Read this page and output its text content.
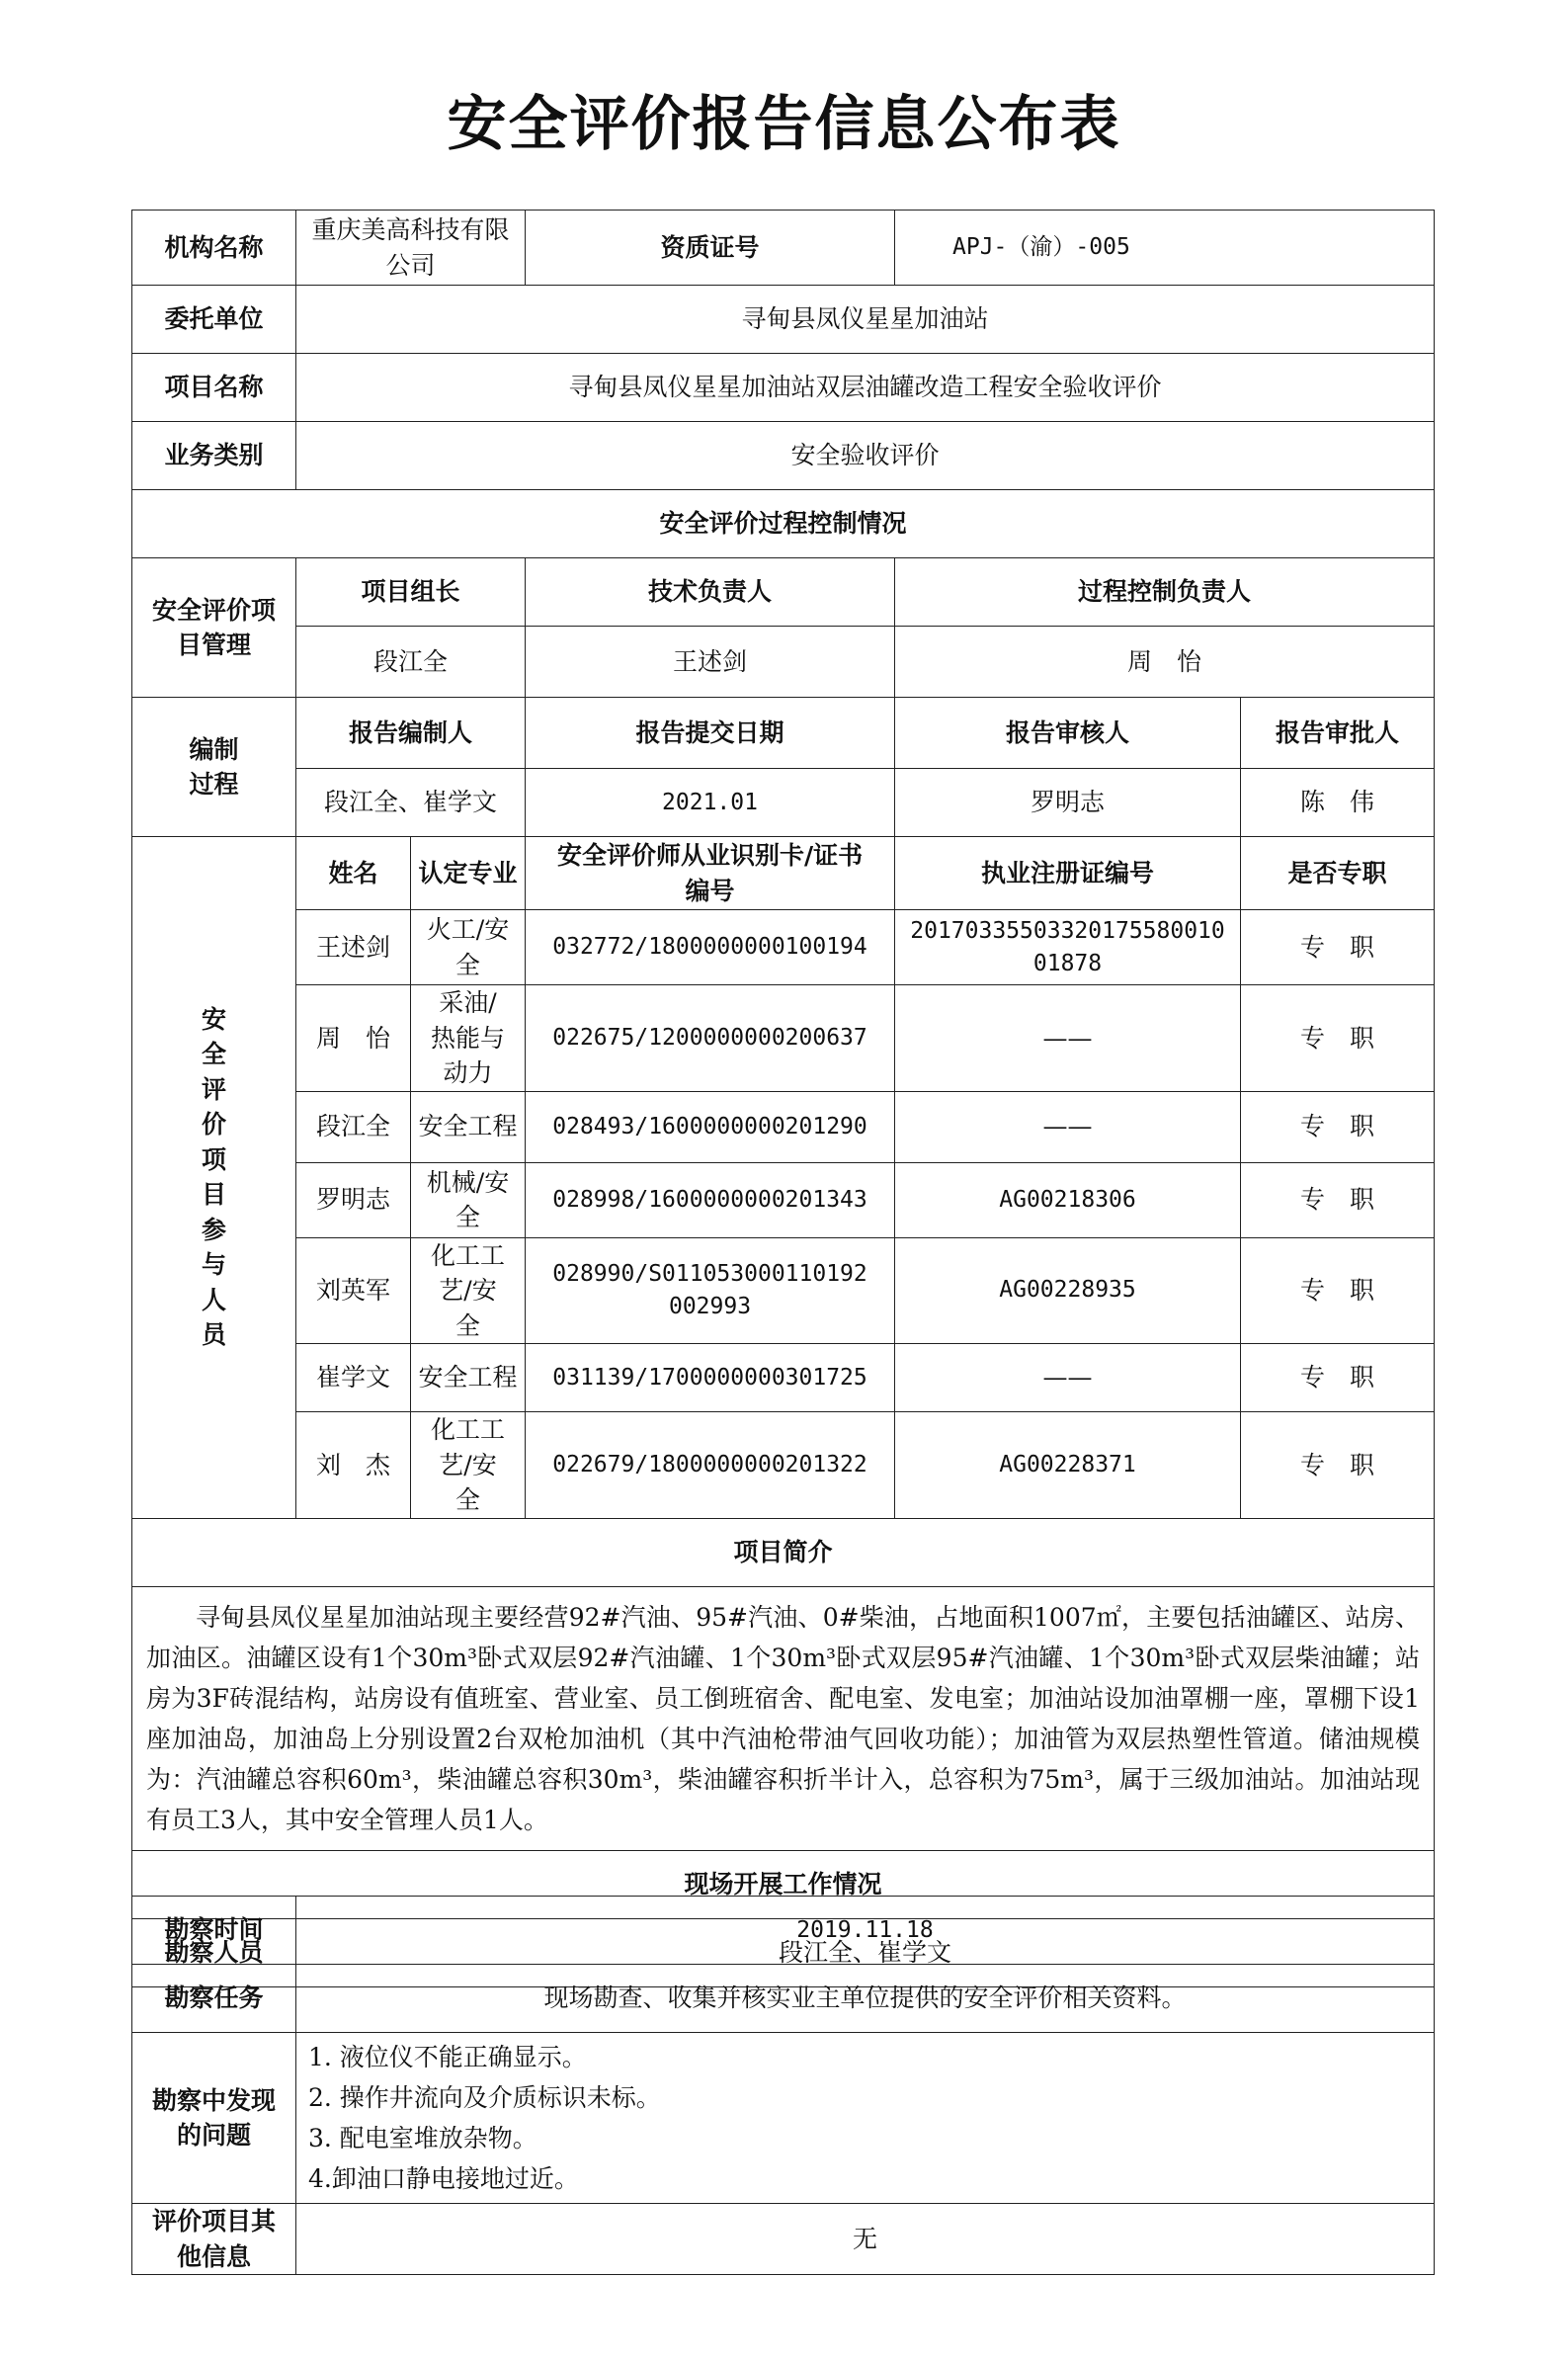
安全评价报告信息公布表
机构名称	重庆美高科技有限公司		资质证号	APJ-（渝）-005	
委托单位	寻甸县凤仪星星加油站				
项目名称	寻甸县凤仪星星加油站双层油罐改造工程安全验收评价				
业务类别	安全验收评价				
安全评价过程控制情况					
安全评价项目管理	项目组长		技术负责人	过程控制负责人	
	段江全		王述剑	周　怡	
编制过程	报告编制人		报告提交日期	报告审核人	报告审批人
	段江全、崔学文		2021.01	罗明志	陈　伟
安全评价项目参与人员	姓名	认定专业	安全评价师从业识别卡/证书编号	执业注册证编号	是否专职
	王述剑	火工/安全	032772/1800000000100194	2017033550332017558001001878	专　职
	周　怡	采油/热能与动力	022675/1200000000200637	——	专　职
	段江全	安全工程	028493/1600000000201290	——	专　职
	罗明志	机械/安全	028998/1600000000201343	AG00218306	专　职
	刘英军	化工工艺/安全	028990/S011053000110192002993	AG00228935	专　职
	崔学文	安全工程	031139/1700000000301725	——	专　职
	刘　杰	化工工艺/安全	022679/1800000000201322	AG00228371	专　职
项目简介					

寻甸县凤仪星星加油站现主要经营92#汽油、95#汽油、0#柴油，占地面积1007㎡，主要包括油罐区、站房、加油区。油罐区设有1个30m³卧式双层92#汽油罐、1个30m³卧式双层95#汽油罐、1个30m³卧式双层柴油罐；站房为3F砖混结构，站房设有值班室、营业室、员工倒班宿舍、配电室、发电室；加油站设加油罩棚一座，罩棚下设1座加油岛，加油岛上分别设置2台双枪加油机（其中汽油枪带油气回收功能）；加油管为双层热塑性管道。储油规模为：汽油罐总容积60m³，柴油罐总容积30m³，柴油罐容积折半计入，总容积为75m³，属于三级加油站。加油站现有员工3人，其中安全管理人员1人。					

现场开展工作情况					
勘察人员	段江全、崔学文				
勘察时间	2019.11.18
勘察任务	现场勘查、收集并核实业主单位提供的安全评价相关资料。
勘察中发现的问题	1. 液位仪不能正确显示。
2. 操作井流向及介质标识未标。
3. 配电室堆放杂物。
4.卸油口静电接地过近。

评价项目其他信息	无
